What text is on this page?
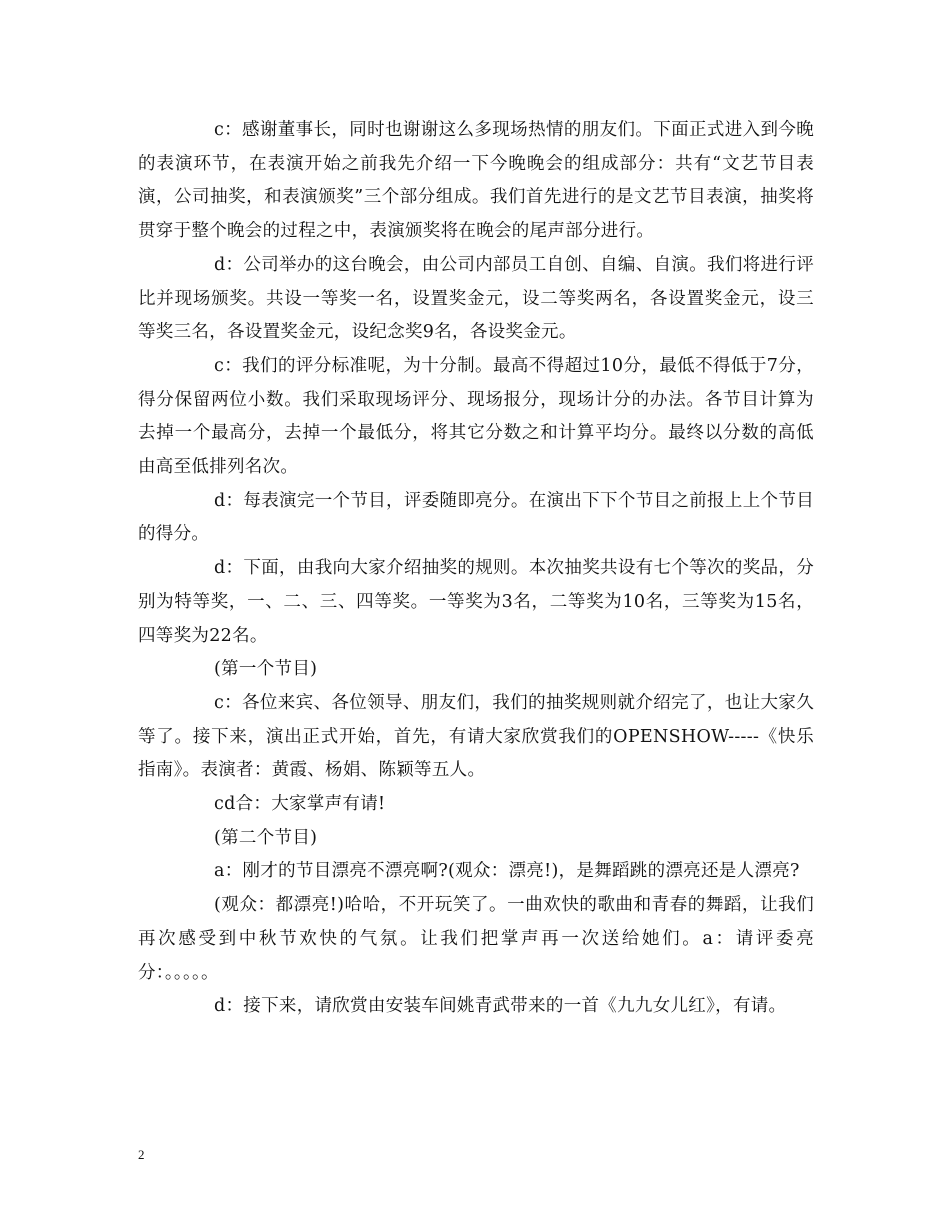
c：感谢董事长，同时也谢谢这么多现场热情的朋友们。下面正式进入到今晚的表演环节，在表演开始之前我先介绍一下今晚晚会的组成部分：共有“文艺节目表演，公司抽奖，和表演颁奖”三个部分组成。我们首先进行的是文艺节目表演，抽奖将贯穿于整个晚会的过程之中，表演颁奖将在晚会的尾声部分进行。

d：公司举办的这台晚会，由公司内部员工自创、自编、自演。我们将进行评比并现场颁奖。共设一等奖一名，设置奖金元，设二等奖两名，各设置奖金元，设三等奖三名，各设置奖金元，设纪念奖9名，各设奖金元。

c：我们的评分标准呢，为十分制。最高不得超过10分，最低不得低于7分，得分保留两位小数。我们采取现场评分、现场报分，现场计分的办法。各节目计算为去掉一个最高分，去掉一个最低分，将其它分数之和计算平均分。最终以分数的高低由高至低排列名次。

d：每表演完一个节目，评委随即亮分。在演出下下个节目之前报上上个节目的得分。

d：下面，由我向大家介绍抽奖的规则。本次抽奖共设有七个等次的奖品，分别为特等奖，一、二、三、四等奖。一等奖为3名，二等奖为10名，三等奖为15名，四等奖为22名。

(第一个节目)

c：各位来宾、各位领导、朋友们，我们的抽奖规则就介绍完了，也让大家久等了。接下来，演出正式开始，首先，有请大家欣赏我们的OPENSHOW-----《快乐指南》。表演者：黄霞、杨娟、陈颖等五人。

cd合：大家掌声有请!

(第二个节目)

a：刚才的节目漂亮不漂亮啊?(观众：漂亮!)，是舞蹈跳的漂亮还是人漂亮?

(观众：都漂亮!)哈哈，不开玩笑了。一曲欢快的歌曲和青春的舞蹈，让我们再次感受到中秋节欢快的气氛。让我们把掌声再一次送给她们。a：请评委亮分：。。。。。

d：接下来，请欣赏由安装车间姚青武带来的一首《九九女儿红》，有请。

2
